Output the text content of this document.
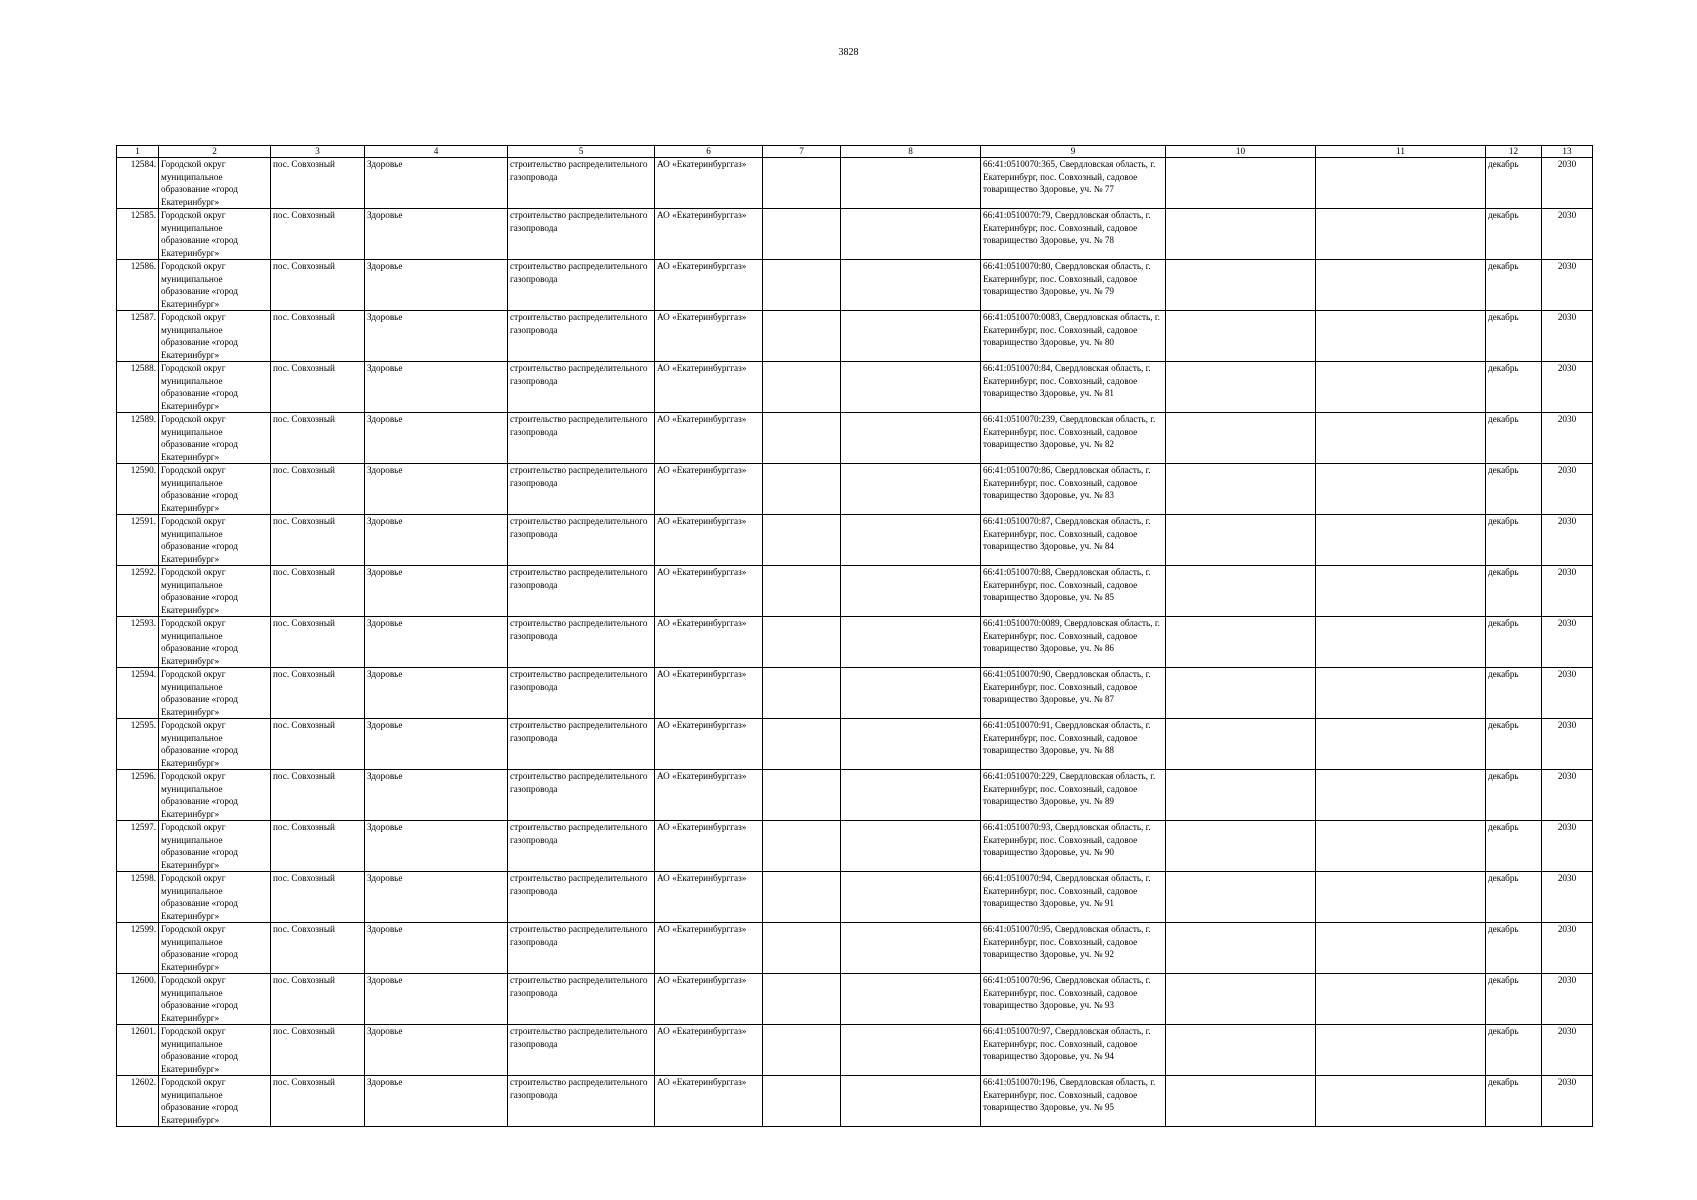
3828
1	2	3	4	5	6	7	8	9	10	11	12	13
12584.	Городской округ муниципальное образование «город Екатеринбург»	пос. Совхозный	Здоровье	строительство распределительного газопровода	АО «Екатеринбурггаз»			66:41:0510070:365, Свердловская область, г. Екатеринбург, пос. Совхозный, садовое товарищество Здоровье, уч. № 77			декабрь	2030
12585.	Городской округ муниципальное образование «город Екатеринбург»	пос. Совхозный	Здоровье	строительство распределительного газопровода	АО «Екатеринбурггаз»			66:41:0510070:79, Свердловская область, г. Екатеринбург, пос. Совхозный, садовое товарищество Здоровье, уч. № 78			декабрь	2030
12586.	Городской округ муниципальное образование «город Екатеринбург»	пос. Совхозный	Здоровье	строительство распределительного газопровода	АО «Екатеринбурггаз»			66:41:0510070:80, Свердловская область, г. Екатеринбург, пос. Совхозный, садовое товарищество Здоровье, уч. № 79			декабрь	2030
12587.	Городской округ муниципальное образование «город Екатеринбург»	пос. Совхозный	Здоровье	строительство распределительного газопровода	АО «Екатеринбурггаз»			66:41:0510070:0083, Свердловская область, г. Екатеринбург, пос. Совхозный, садовое товарищество Здоровье, уч. № 80			декабрь	2030
12588.	Городской округ муниципальное образование «город Екатеринбург»	пос. Совхозный	Здоровье	строительство распределительного газопровода	АО «Екатеринбурггаз»			66:41:0510070:84, Свердловская область, г. Екатеринбург, пос. Совхозный, садовое товарищество Здоровье, уч. № 81			декабрь	2030
12589.	Городской округ муниципальное образование «город Екатеринбург»	пос. Совхозный	Здоровье	строительство распределительного газопровода	АО «Екатеринбурггаз»			66:41:0510070:239, Свердловская область, г. Екатеринбург, пос. Совхозный, садовое товарищество Здоровье, уч. № 82			декабрь	2030
12590.	Городской округ муниципальное образование «город Екатеринбург»	пос. Совхозный	Здоровье	строительство распределительного газопровода	АО «Екатеринбурггаз»			66:41:0510070:86, Свердловская область, г. Екатеринбург, пос. Совхозный, садовое товарищество Здоровье, уч. № 83			декабрь	2030
12591.	Городской округ муниципальное образование «город Екатеринбург»	пос. Совхозный	Здоровье	строительство распределительного газопровода	АО «Екатеринбурггаз»			66:41:0510070:87, Свердловская область, г. Екатеринбург, пос. Совхозный, садовое товарищество Здоровье, уч. № 84			декабрь	2030
12592.	Городской округ муниципальное образование «город Екатеринбург»	пос. Совхозный	Здоровье	строительство распределительного газопровода	АО «Екатеринбурггаз»			66:41:0510070:88, Свердловская область, г. Екатеринбург, пос. Совхозный, садовое товарищество Здоровье, уч. № 85			декабрь	2030
12593.	Городской округ муниципальное образование «город Екатеринбург»	пос. Совхозный	Здоровье	строительство распределительного газопровода	АО «Екатеринбурггаз»			66:41:0510070:0089, Свердловская область, г. Екатеринбург, пос. Совхозный, садовое товарищество Здоровье, уч. № 86			декабрь	2030
12594.	Городской округ муниципальное образование «город Екатеринбург»	пос. Совхозный	Здоровье	строительство распределительного газопровода	АО «Екатеринбурггаз»			66:41:0510070:90, Свердловская область, г. Екатеринбург, пос. Совхозный, садовое товарищество Здоровье, уч. № 87			декабрь	2030
12595.	Городской округ муниципальное образование «город Екатеринбург»	пос. Совхозный	Здоровье	строительство распределительного газопровода	АО «Екатеринбурггаз»			66:41:0510070:91, Свердловская область, г. Екатеринбург, пос. Совхозный, садовое товарищество Здоровье, уч. № 88			декабрь	2030
12596.	Городской округ муниципальное образование «город Екатеринбург»	пос. Совхозный	Здоровье	строительство распределительного газопровода	АО «Екатеринбурггаз»			66:41:0510070:229, Свердловская область, г. Екатеринбург, пос. Совхозный, садовое товарищество Здоровье, уч. № 89			декабрь	2030
12597.	Городской округ муниципальное образование «город Екатеринбург»	пос. Совхозный	Здоровье	строительство распределительного газопровода	АО «Екатеринбурггаз»			66:41:0510070:93, Свердловская область, г. Екатеринбург, пос. Совхозный, садовое товарищество Здоровье, уч. № 90			декабрь	2030
12598.	Городской округ муниципальное образование «город Екатеринбург»	пос. Совхозный	Здоровье	строительство распределительного газопровода	АО «Екатеринбурггаз»			66:41:0510070:94, Свердловская область, г. Екатеринбург, пос. Совхозный, садовое товарищество Здоровье, уч. № 91			декабрь	2030
12599.	Городской округ муниципальное образование «город Екатеринбург»	пос. Совхозный	Здоровье	строительство распределительного газопровода	АО «Екатеринбурггаз»			66:41:0510070:95, Свердловская область, г. Екатеринбург, пос. Совхозный, садовое товарищество Здоровье, уч. № 92			декабрь	2030
12600.	Городской округ муниципальное образование «город Екатеринбург»	пос. Совхозный	Здоровье	строительство распределительного газопровода	АО «Екатеринбурггаз»			66:41:0510070:96, Свердловская область, г. Екатеринбург, пос. Совхозный, садовое товарищество Здоровье, уч. № 93			декабрь	2030
12601.	Городской округ муниципальное образование «город Екатеринбург»	пос. Совхозный	Здоровье	строительство распределительного газопровода	АО «Екатеринбурггаз»			66:41:0510070:97, Свердловская область, г. Екатеринбург, пос. Совхозный, садовое товарищество Здоровье, уч. № 94			декабрь	2030
12602.	Городской округ муниципальное образование «город Екатеринбург»	пос. Совхозный	Здоровье	строительство распределительного газопровода	АО «Екатеринбурггаз»			66:41:0510070:196, Свердловская область, г. Екатеринбург, пос. Совхозный, садовое товарищество Здоровье, уч. № 95			декабрь	2030
